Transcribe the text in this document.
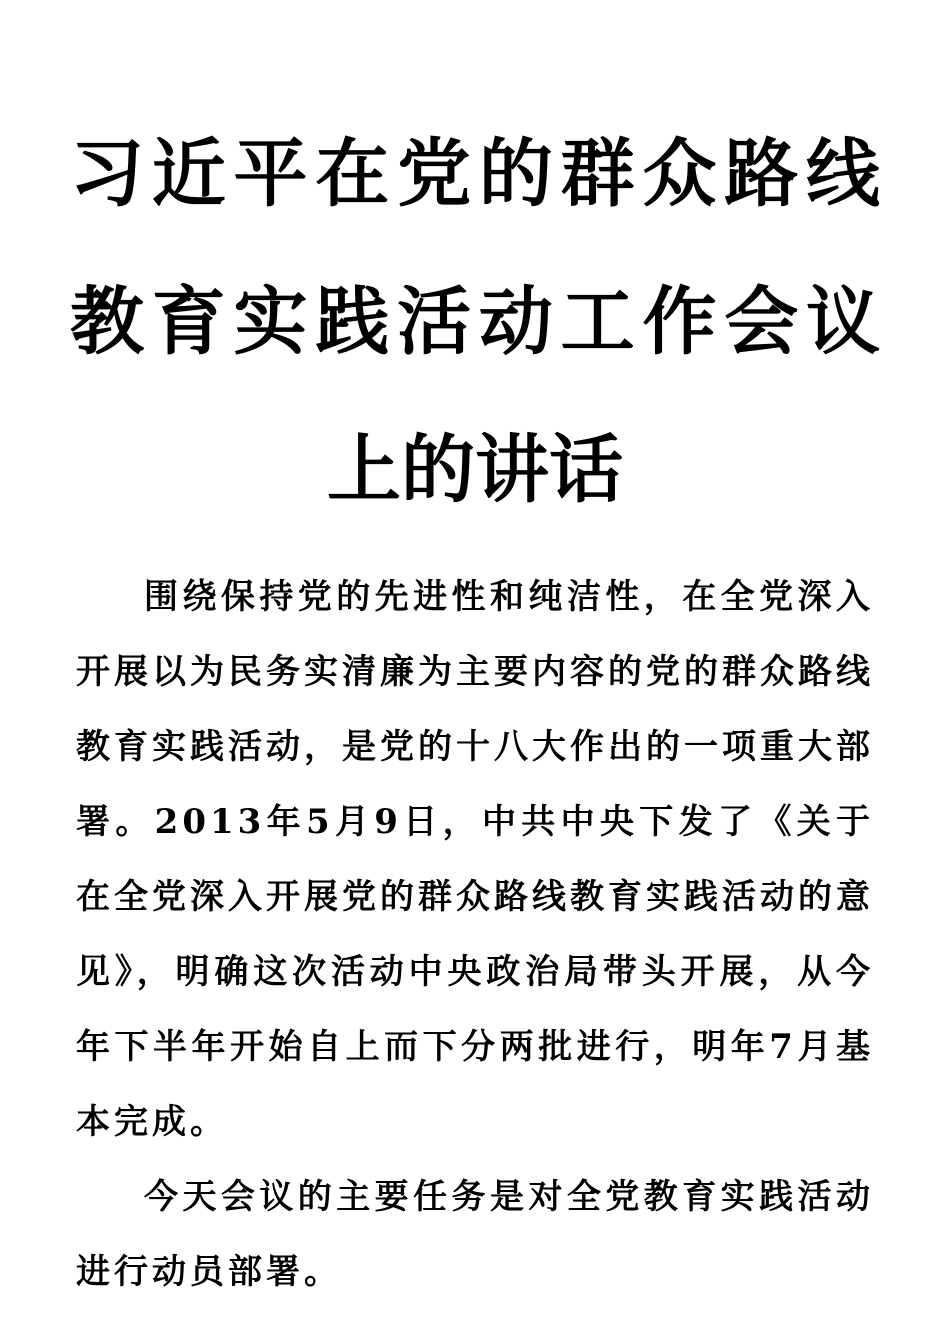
习近平在党的群众路线
教育实践活动工作会议
上的讲话

围绕保持党的先进性和纯洁性，在全党深入开展以为民务实清廉为主要内容的党的群众路线教育实践活动，是党的十八大作出的一项重大部署。2013年5月9日，中共中央下发了《关于在全党深入开展党的群众路线教育实践活动的意见》，明确这次活动中央政治局带头开展，从今年下半年开始自上而下分两批进行，明年7月基本完成。

今天会议的主要任务是对全党教育实践活动进行动员部署。
